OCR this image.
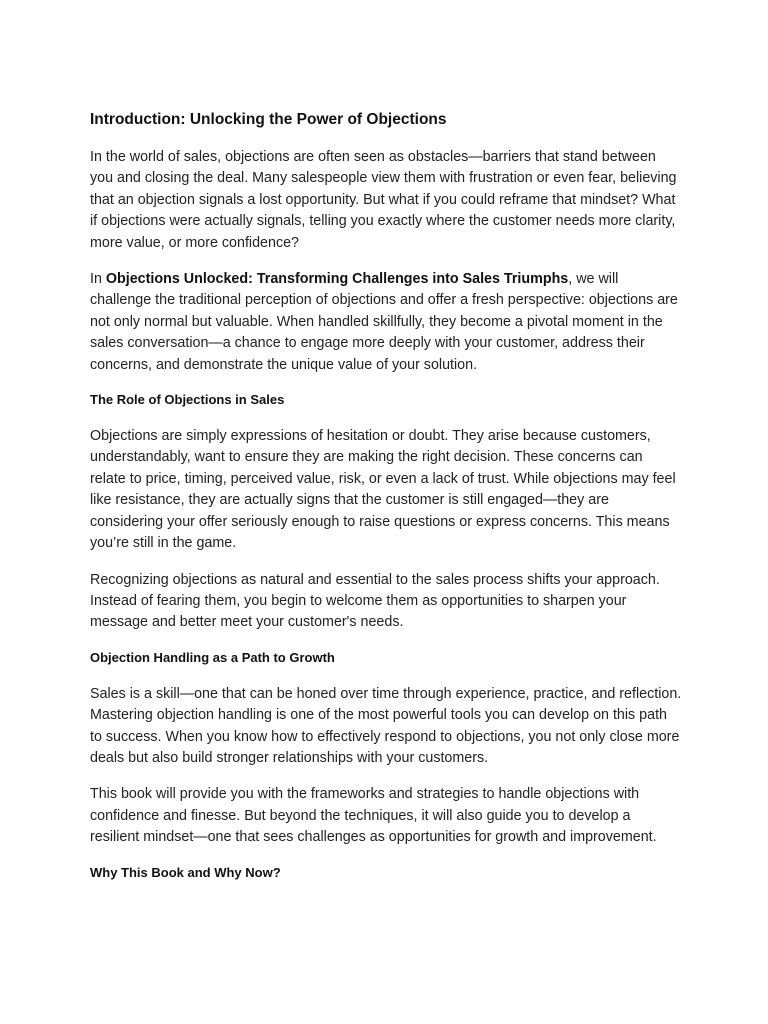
Introduction: Unlocking the Power of Objections
In the world of sales, objections are often seen as obstacles—barriers that stand between you and closing the deal. Many salespeople view them with frustration or even fear, believing that an objection signals a lost opportunity. But what if you could reframe that mindset? What if objections were actually signals, telling you exactly where the customer needs more clarity, more value, or more confidence?
In Objections Unlocked: Transforming Challenges into Sales Triumphs, we will challenge the traditional perception of objections and offer a fresh perspective: objections are not only normal but valuable. When handled skillfully, they become a pivotal moment in the sales conversation—a chance to engage more deeply with your customer, address their concerns, and demonstrate the unique value of your solution.
The Role of Objections in Sales
Objections are simply expressions of hesitation or doubt. They arise because customers, understandably, want to ensure they are making the right decision. These concerns can relate to price, timing, perceived value, risk, or even a lack of trust. While objections may feel like resistance, they are actually signs that the customer is still engaged—they are considering your offer seriously enough to raise questions or express concerns. This means you’re still in the game.
Recognizing objections as natural and essential to the sales process shifts your approach. Instead of fearing them, you begin to welcome them as opportunities to sharpen your message and better meet your customer's needs.
Objection Handling as a Path to Growth
Sales is a skill—one that can be honed over time through experience, practice, and reflection. Mastering objection handling is one of the most powerful tools you can develop on this path to success. When you know how to effectively respond to objections, you not only close more deals but also build stronger relationships with your customers.
This book will provide you with the frameworks and strategies to handle objections with confidence and finesse. But beyond the techniques, it will also guide you to develop a resilient mindset—one that sees challenges as opportunities for growth and improvement.
Why This Book and Why Now?
